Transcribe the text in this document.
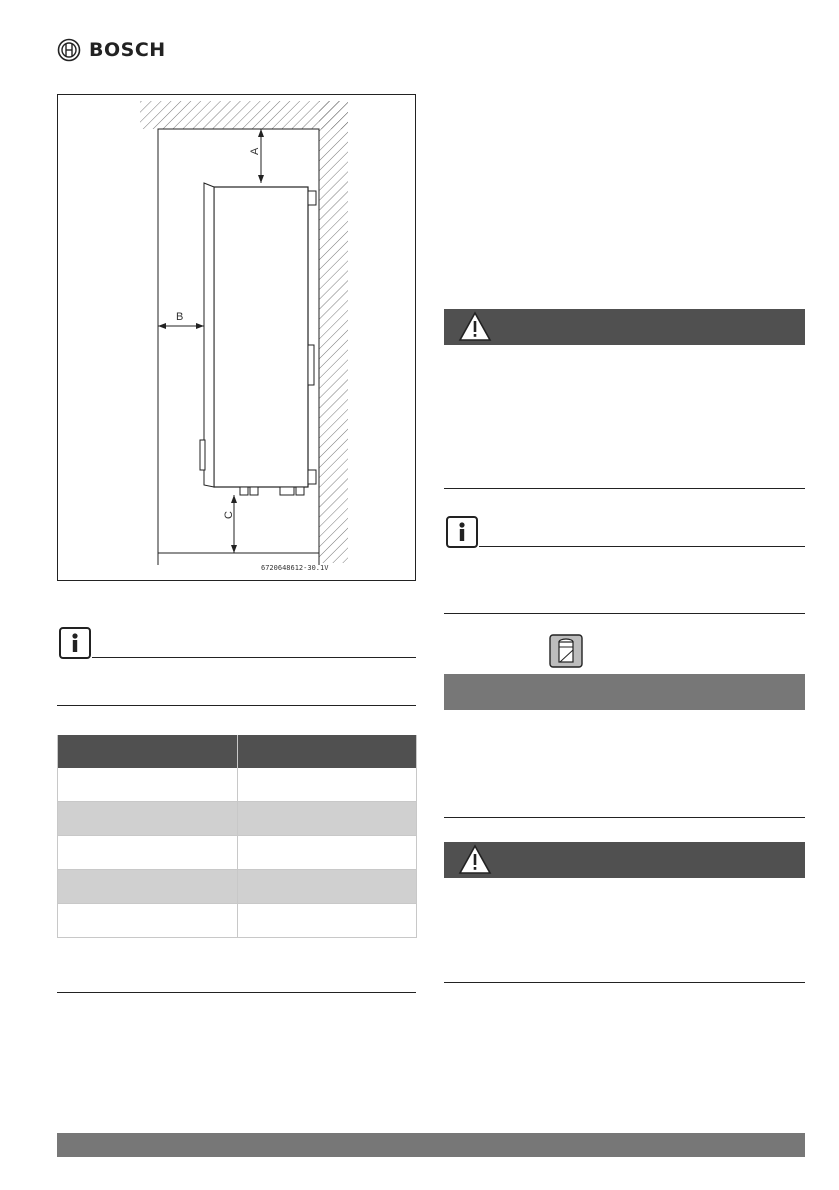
BOSCH
A
B
C
6720648612-30.1V
